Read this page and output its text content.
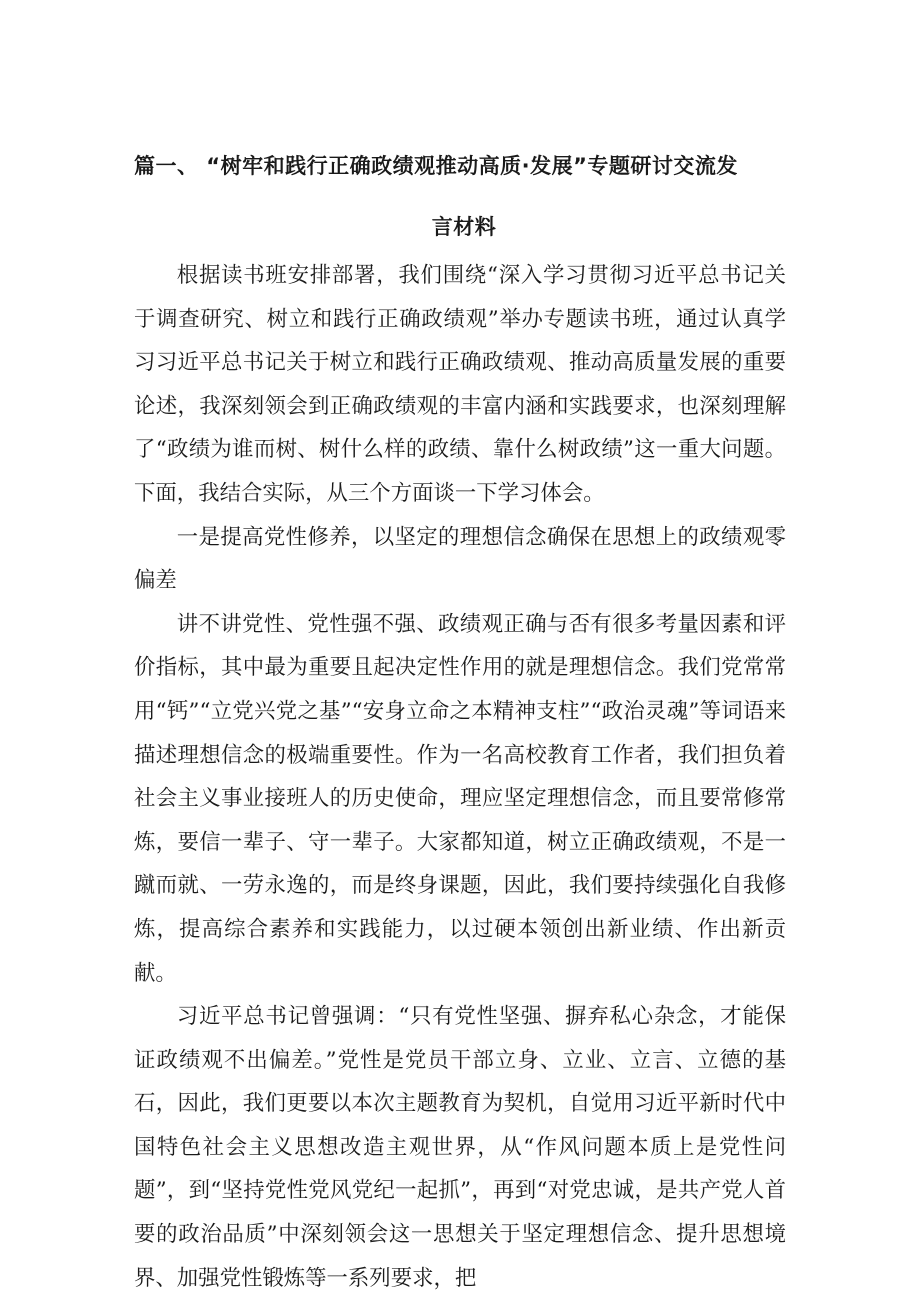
篇一、 “树牢和践行正确政绩观推动高质·发展”专题研讨交流发
言材料

根据读书班安排部署，我们围绕“深入学习贯彻习近平总书记关于调查研究、树立和践行正确政绩观”举办专题读书班，通过认真学习习近平总书记关于树立和践行正确政绩观、推动高质量发展的重要论述，我深刻领会到正确政绩观的丰富内涵和实践要求，也深刻理解了“政绩为谁而树、树什么样的政绩、靠什么树政绩”这一重大问题。下面，我结合实际，从三个方面谈一下学习体会。

一是提高党性修养，以坚定的理想信念确保在思想上的政绩观零偏差

讲不讲党性、党性强不强、政绩观正确与否有很多考量因素和评价指标，其中最为重要且起决定性作用的就是理想信念。我们党常常用“钙”“立党兴党之基”“安身立命之本精神支柱”“政治灵魂”等词语来描述理想信念的极端重要性。作为一名高校教育工作者，我们担负着社会主义事业接班人的历史使命，理应坚定理想信念，而且要常修常炼，要信一辈子、守一辈子。大家都知道，树立正确政绩观，不是一蹴而就、一劳永逸的，而是终身课题，因此，我们要持续强化自我修炼，提高综合素养和实践能力，以过硬本领创出新业绩、作出新贡献。

习近平总书记曾强调：“只有党性坚强、摒弃私心杂念，才能保证政绩观不出偏差。”党性是党员干部立身、立业、立言、立德的基石，因此，我们更要以本次主题教育为契机，自觉用习近平新时代中国特色社会主义思想改造主观世界，从“作风问题本质上是党性问题”，到“坚持党性党风党纪一起抓”，再到“对党忠诚，是共产党人首要的政治品质”中深刻领会这一思想关于坚定理想信念、提升思想境界、加强党性锻炼等一系列要求，把
